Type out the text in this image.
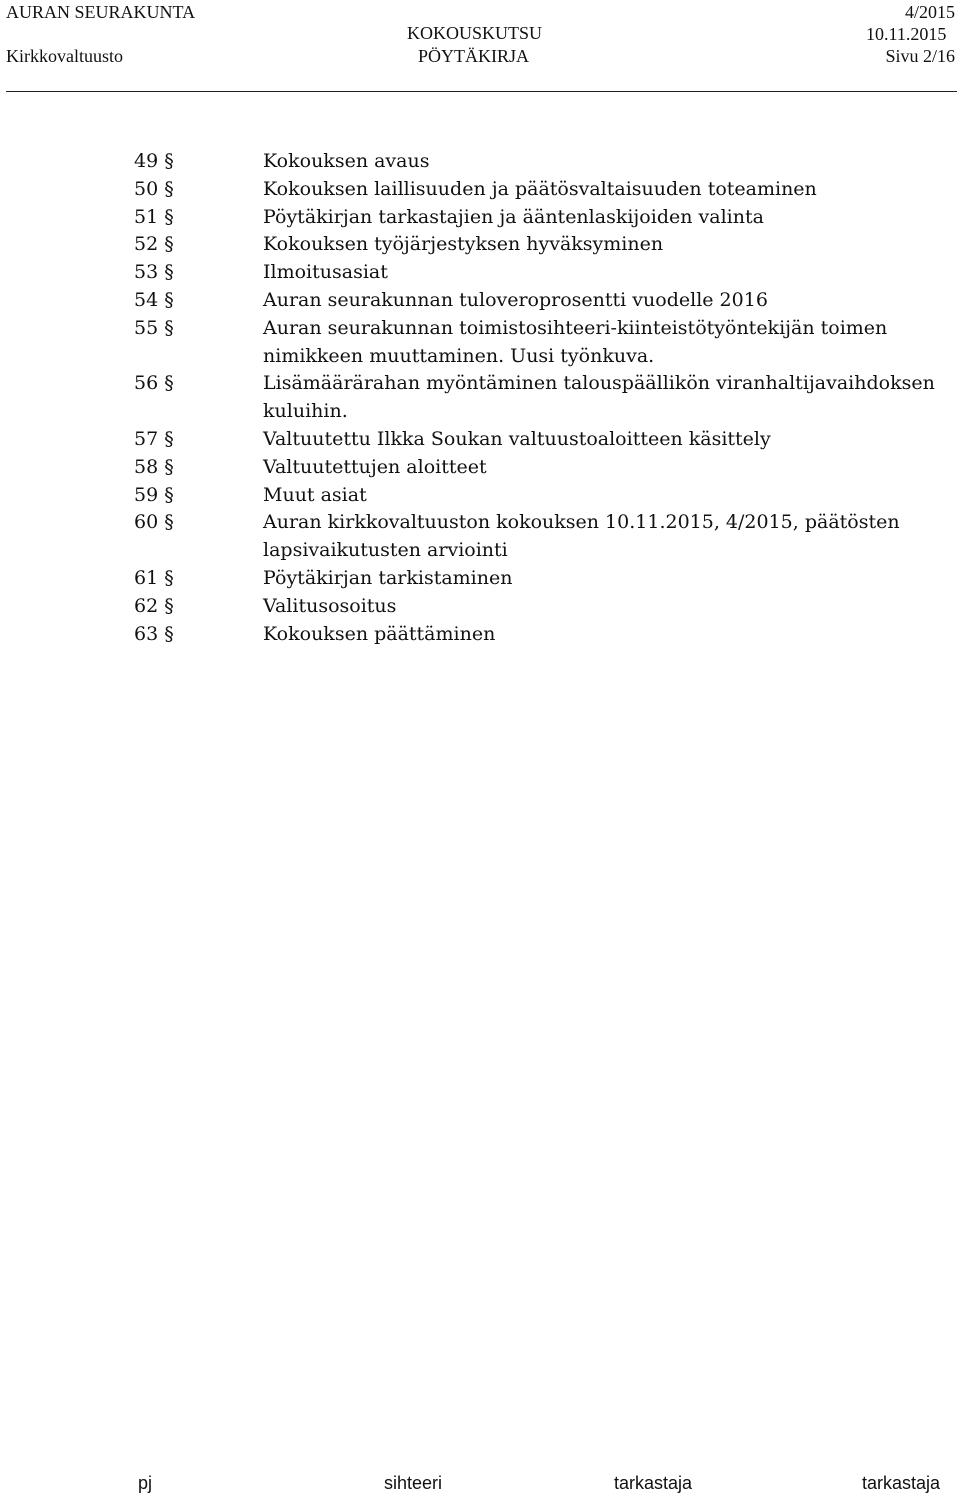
AURAN SEURAKUNTA
Kirkkovaltuusto
KOKOUSKUTSU
PÖYTÄKIRJA
4/2015
10.11.2015
Sivu 2/16
49 §	Kokouksen avaus
50 §	Kokouksen laillisuuden ja päätösvaltaisuuden toteaminen
51 §	Pöytäkirjan tarkastajien ja ääntenlaskijoiden valinta
52 §	Kokouksen työjärjestyksen hyväksyminen
53 §	Ilmoitusasiat
54 §	Auran seurakunnan tuloveroprosentti vuodelle 2016
55 §	Auran seurakunnan toimistosihteeri-kiinteistötyöntekijän toimen nimikkeen muuttaminen. Uusi työnkuva.
56 §	Lisämäärärahan myöntäminen talouspäällikön viranhaltijavaihdoksen kuluihin.
57 §	Valtuutettu Ilkka Soukan valtuustoaloitteen käsittely
58 §	Valtuutettujen aloitteet
59 §	Muut asiat
60 §	Auran kirkkovaltuuston kokouksen 10.11.2015, 4/2015, päätösten lapsivaikutusten arviointi
61 §	Pöytäkirjan tarkistaminen
62 §	Valitusosoitus
63 §	Kokouksen päättäminen
pj	sihteeri	tarkastaja	tarkastaja
